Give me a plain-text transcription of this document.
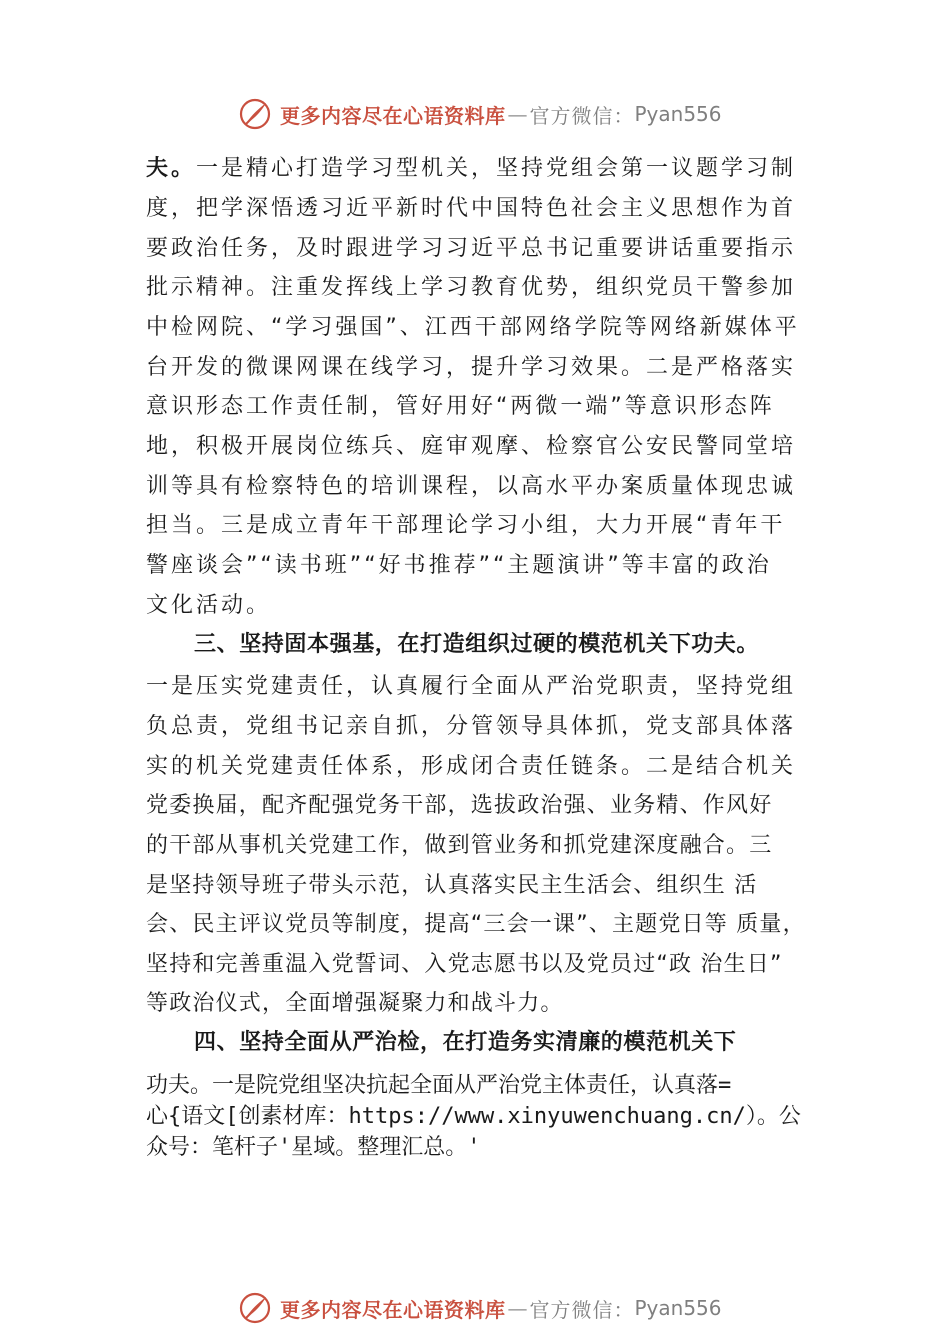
更多内容尽在心语资料库 — 官方微信： Pyan556
夫。一是精心打造学习型机关，坚持党组会第一议题学习制
度，把学深悟透习近平新时代中国特色社会主义思想作为首
要政治任务，及时跟进学习习近平总书记重要讲话重要指示
批示精神。注重发挥线上学习教育优势，组织党员干警参加
中检网院、“学习强国”、江西干部网络学院等网络新媒体平
台开发的微课网课在线学习，提升学习效果。二是严格落实
意识形态工作责任制，管好用好“两微一端”等意识形态阵
地，积极开展岗位练兵、庭审观摩、检察官公安民警同堂培
训等具有检察特色的培训课程，以高水平办案质量体现忠诚
担当。三是成立青年干部理论学习小组，大力开展“青年干
警座谈会”“读书班”“好书推荐”“主题演讲”等丰富的政治
文化活动。
三、坚持固本强基，在打造组织过硬的模范机关下功夫。
一是压实党建责任，认真履行全面从严治党职责，坚持党组
负总责，党组书记亲自抓，分管领导具体抓，党支部具体落
实的机关党建责任体系，形成闭合责任链条。二是结合机关
党委换届，配齐配强党务干部，选拔政治强、业务精、作风好
的干部从事机关党建工作，做到管业务和抓党建深度融合。三
是坚持领导班子带头示范，认真落实民主生活会、组织生 活
会、民主评议党员等制度，提高“三会一课”、主题党日等 质量，
坚持和完善重温入党誓词、入党志愿书以及党员过“政 治生日”
等政治仪式，全面增强凝聚力和战斗力。
四、坚持全面从严治检，在打造务实清廉的模范机关下
功夫。一是院党组坚决抗起全面从严治党主体责任，认真落=
心{语文[创素材库：https://www.xinyuwenchuang.cn/）。公
众号：笔杆子'星域。整理汇总。'
更多内容尽在心语资料库 — 官方微信： Pyan556
